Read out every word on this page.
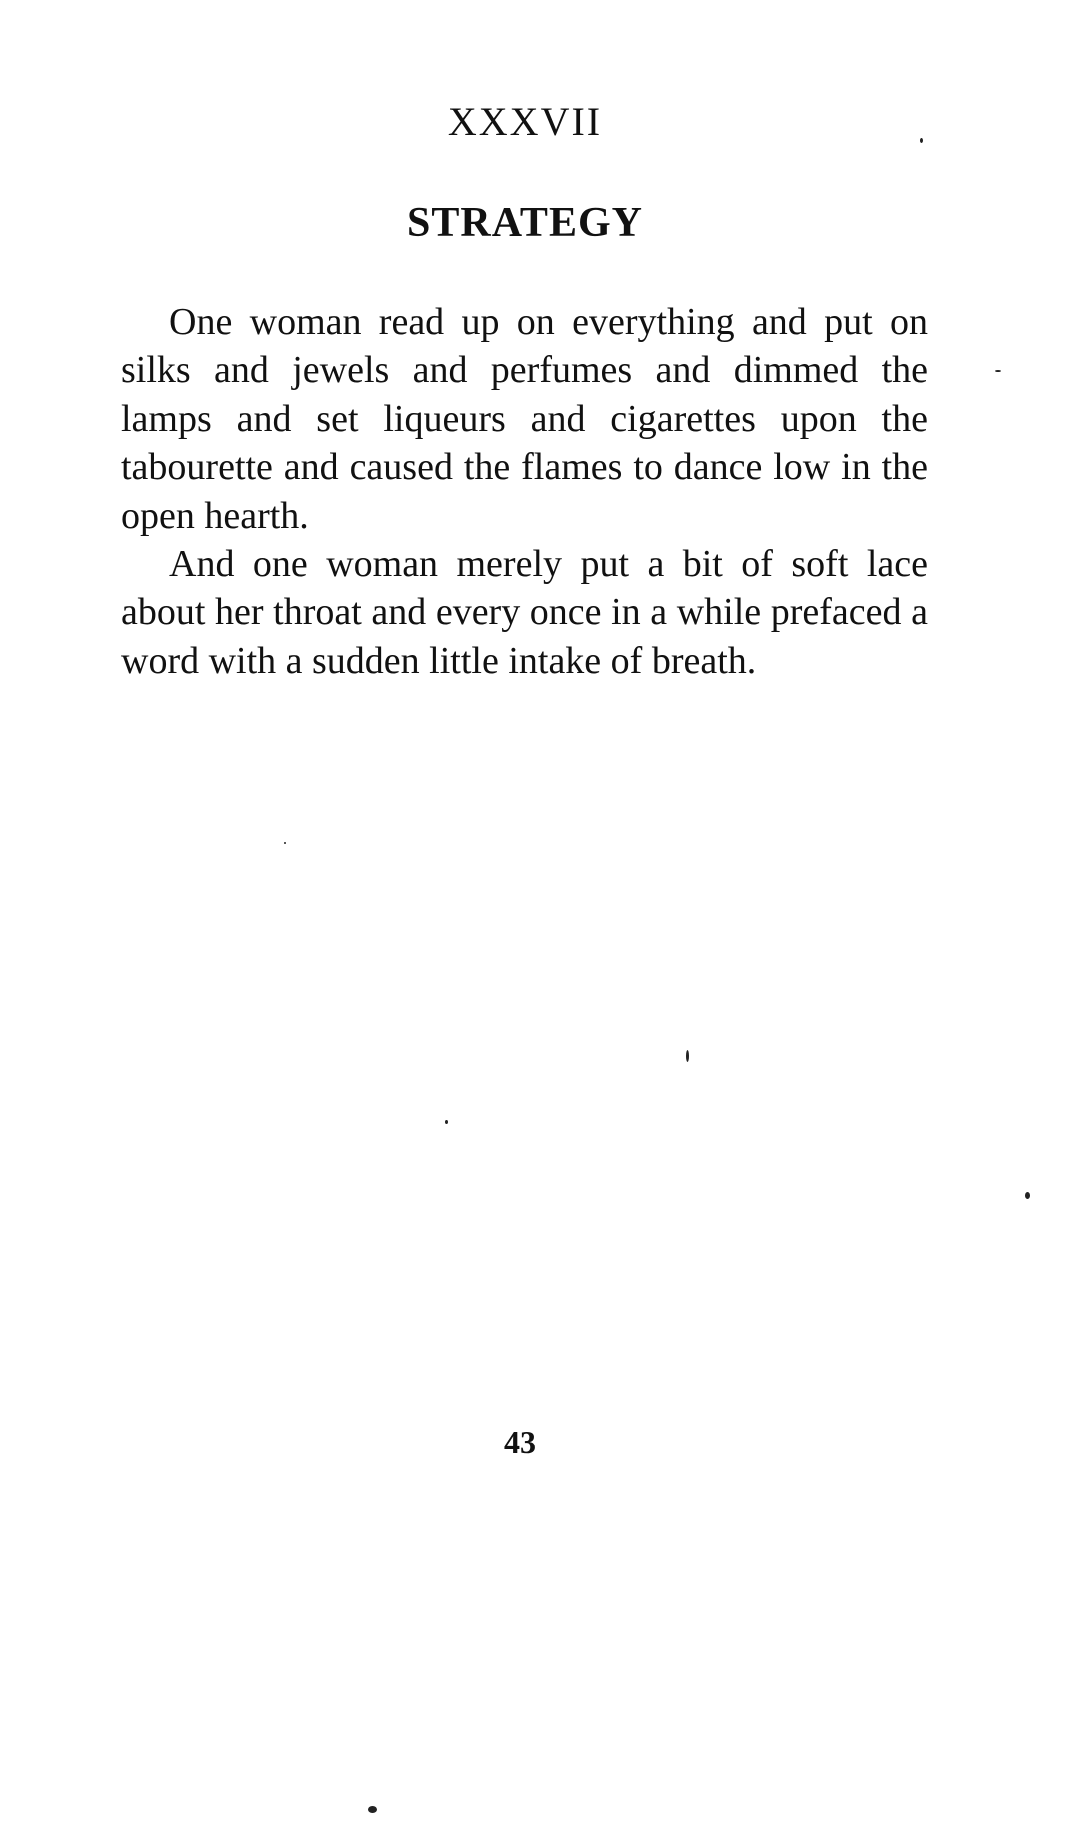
XXXVII
STRATEGY

One woman read up on everything and put on silks and jewels and perfumes and dimmed the lamps and set liqueurs and cigarettes upon the tabourette and caused the flames to dance low in the open hearth.

And one woman merely put a bit of soft lace about her throat and every once in a while prefaced a word with a sudden little intake of breath.

43
